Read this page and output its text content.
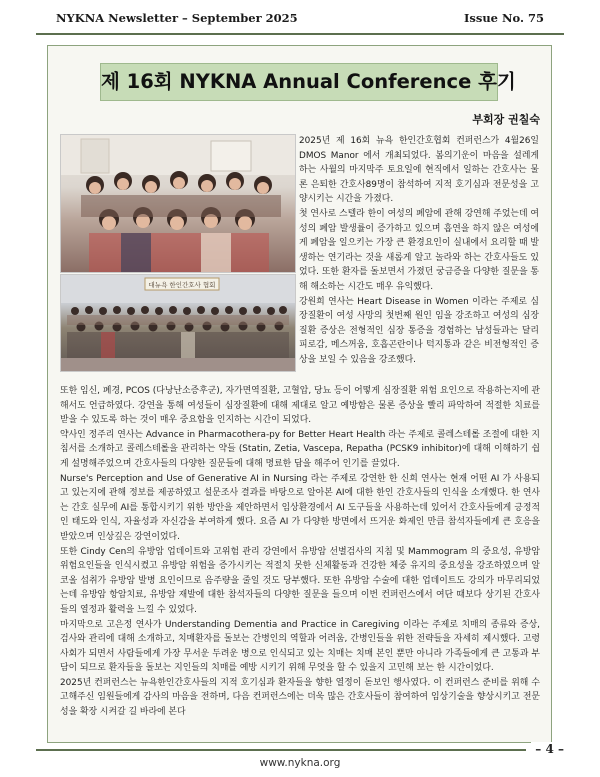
NYKNA Newsletter – September 2025	Issue No. 75
제 16회 NYKNA Annual Conference 후기
부회장 권칠숙
대뉴욕 한인간호사 협회

2025년 제 16회 뉴욕 한인간호협회 컨퍼런스가 4월26일 DMOS Manor 에서 개최되었다. 봄의기운이 마음을 설레게 하는 사월의 마지막주 토요일에 현직에서 일하는 간호사는 물론 은퇴한 간호사89명이 참석하여 지적 호기심과 전문성을 고양시키는 시간을 가졌다.

첫 연사로 스텔라 한이 여성의 폐암에 관해 강연해 주었는데 여성의 폐암 발생률이 증가하고 있으며 흡연을 하지 않은 여성에게 폐암을 일으키는 가장 큰 환경요인이 실내에서 요리할 때 발생하는 연기라는 것을 새롭게 알고 놀라와 하는 간호사들도 있었다. 또한 환자를 돌보면서 가졌던 궁금증을 다양한 질문을 통해 해소하는 시간도 매우 유익했다.

강원희 연사는 Heart Disease in Women 이라는 주제로 심장질환이 여성 사망의 첫번째 원인 임을 강조하고 여성의 심장질환 증상은 전형적인 심장 통증을 경험하는 남성들과는 달리 피로감, 메스꺼움, 호흡곤란이나 턱지통과 같은 비전형적인 증상을 보일 수 있음을 강조했다.

또한 임신, 폐경, PCOS (다낭난소증후군), 자가면역질환, 고혈압, 당뇨 등이 어떻게 심장질환 위험 요인으로 작용하는지에 관해서도 언급하였다. 강연을 통해 여성들이 심장질환에 대해 제대로 알고 예방함은 물론 증상을 빨리 파악하여 적절한 치료를 받을 수 있도록 하는 것이 매우 중요함을 인지하는 시간이 되었다.

약사인 정주리 연사는 Advance in Pharmacothera-py for Better Heart Health 라는 주제로 콜레스테롤 조절에 대한 지침서를 소개하고 콜레스테롤을 관리하는 약들 (Statin, Zetia, Vascepa, Repatha (PCSK9 inhibitor)에 대해 이해하기 쉽게 설명해주었으며 간호사들의 다양한 질문들에 대해 명료한 답을 해주어 인기를 끌었다.

Nurse's Perception and Use of Generative AI in Nursing 라는 주제로 강연한 한 신희 연사는 현재 어떤 AI 가 사용되고 있는지에 관해 정보를 제공하였고 설문조사 결과를 바탕으로 알아본 AI에 대한 한인 간호사들의 인식을 소개했다. 한 연사는 간호 실무에 AI를 통합시키기 위한 방안을 제안하면서 임상환경에서 AI 도구들을 사용하는데 있어서 간호사들에게 긍정적인 태도와 인식, 자율성과 자신감을 부여하게 했다. 요즘 AI 가 다양한 방면에서 뜨거운 화제인 만큼 참석자들에게 큰 호응을 받았으며 인상깊은 강연이었다.

또한 Cindy Cen의 유방암 업데이트와 고위험 관리 강연에서 유방암 선별검사의 지침 및 Mammogram 의 중요성, 유방암 위험요인들을 인식시켰고 유방암 위험을 증가시키는 적절치 못한 신체활동과 건강한 체중 유지의 중요성을 강조하였으며 알코올 섭취가 유방암 발병 요인이므로 음주량을 줄일 것도 당부했다. 또한 유방암 수술에 대한 업데이트도 강의가 마무리되었는데 유방암 항암치료, 유방암 재발에 대한 참석자들의 다양한 질문을 들으며 이번 컨퍼런스에서 여단 때보다 상기된 간호사들의 열정과 활력을 느낄 수 있었다.

마지막으로 고은정 연사가 Understanding Dementia and Practice in Caregiving 이라는 주제로 치매의 종류와 증상, 검사와 관리에 대해 소개하고, 치매환자를 돌보는 간병인의 역할과 어려움, 간병인들을 위한 전략들을 자세히 제시했다. 고령사회가 되면서 사람들에게 가장 무서운 두려운 병으로 인식되고 있는 치매는 치매 본인 뿐만 아니라 가족들에게 큰 고통과 부담이 되므로 환자들을 돌보는 지인들의 치매를 예방 시키기 위해 무엇을 할 수 있을지 고민해 보는 한 시간이었다.

2025년 컨퍼런스는 뉴욕한인간호사들의 지적 호기심과 환자들을 향한 열정이 돋보인 행사였다. 이 컨퍼런스 준비를 위해 수고해주신 임원들에게 감사의 마음을 전하며, 다음 컨퍼런스에는 더욱 많은 간호사들이 참여하여 임상기술을 향상시키고 전문성을 확장 시켜갈 길 바라에 본다

– 4 –
www.nykna.org
